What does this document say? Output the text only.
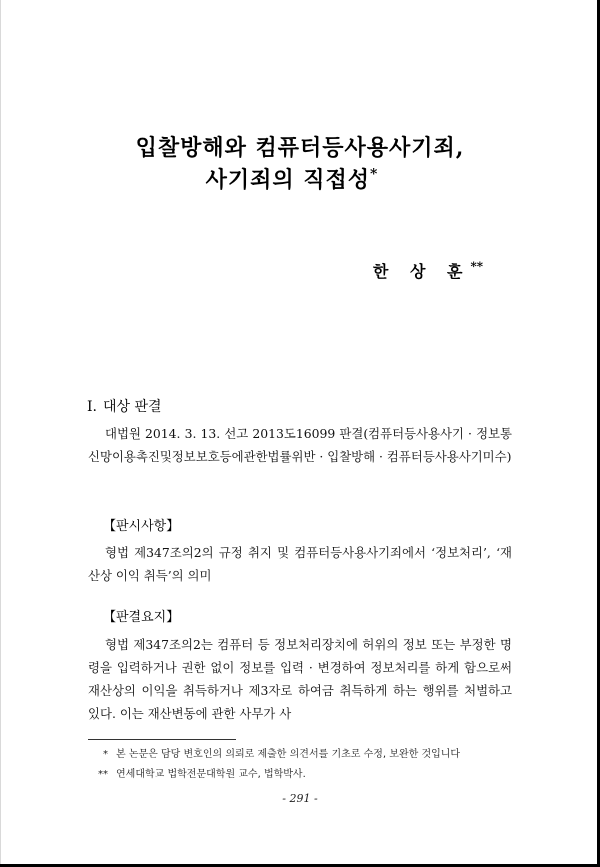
입찰방해와 컴퓨터등사용사기죄,
사기죄의 직접성*
한 상 훈**
I. 대상 판결
대법원 2014. 3. 13. 선고 2013도16099 판결(컴퓨터등사용사기 · 정보통신망이용촉진및정보보호등에관한법률위반 · 입찰방해 · 컴퓨터등사용사기미수)
【판시사항】
형법 제347조의2의 규정 취지 및 컴퓨터등사용사기죄에서 ‘정보처리’, ‘재산상 이익 취득’의 의미
【판결요지】
형법 제347조의2는 컴퓨터 등 정보처리장치에 허위의 정보 또는 부정한 명령을 입력하거나 권한 없이 정보를 입력 · 변경하여 정보처리를 하게 함으로써 재산상의 이익을 취득하거나 제3자로 하여금 취득하게 하는 행위를 처벌하고 있다. 이는 재산변동에 관한 사무가 사
* 본 논문은 담당 변호인의 의뢰로 제출한 의견서를 기초로 수정, 보완한 것입니다
** 연세대학교 법학전문대학원 교수, 법학박사.
- 291 -
